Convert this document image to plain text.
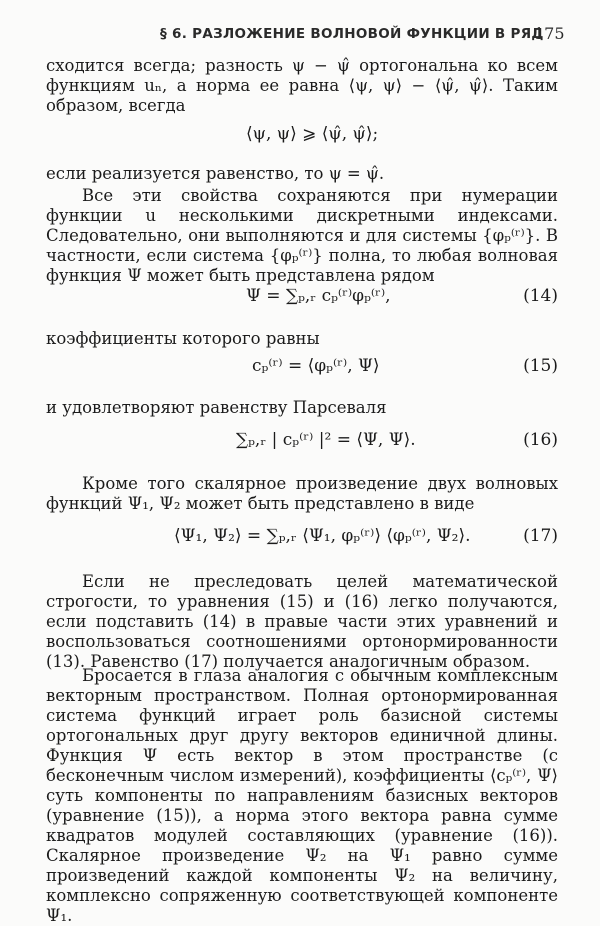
§ 6. РАЗЛОЖЕНИЕ ВОЛНОВОЙ ФУНКЦИИ В РЯД
175

сходится всегда; разность ψ − ψ̂ ортогональна ко всем функциям uₙ, а норма ее равна ⟨ψ, ψ⟩ − ⟨ψ̂, ψ̂⟩. Таким образом, всегда

⟨ψ, ψ⟩ ⩾ ⟨ψ̂, ψ̂⟩;

если реализуется равенство, то ψ = ψ̂.

Все эти свойства сохраняются при нумерации функции u несколькими дискретными индексами. Следовательно, они выполняются и для системы {φₚ⁽ʳ⁾}. В частности, если система {φₚ⁽ʳ⁾} полна, то любая волновая функция Ψ может быть представлена рядом

Ψ = ∑ₚ,ᵣ cₚ⁽ʳ⁾φₚ⁽ʳ⁾,	(14)

коэффициенты которого равны

cₚ⁽ʳ⁾ = ⟨φₚ⁽ʳ⁾, Ψ⟩	(15)

и удовлетворяют равенству Парсеваля

∑ₚ,ᵣ | cₚ⁽ʳ⁾ |² = ⟨Ψ, Ψ⟩.	(16)

Кроме того скалярное произведение двух волновых функций Ψ₁, Ψ₂ может быть представлено в виде

⟨Ψ₁, Ψ₂⟩ = ∑ₚ,ᵣ ⟨Ψ₁, φₚ⁽ʳ⁾⟩ ⟨φₚ⁽ʳ⁾, Ψ₂⟩.	(17)

Если не преследовать целей математической строгости, то уравнения (15) и (16) легко получаются, если подставить (14) в правые части этих уравнений и воспользоваться соотношениями ортонормированности (13). Равенство (17) получается аналогичным образом.

Бросается в глаза аналогия с обычным комплексным векторным пространством. Полная ортонормированная система функций играет роль базисной системы ортогональных друг другу векторов единичной длины. Функция Ψ есть вектор в этом пространстве (с бесконечным числом измерений), коэффициенты ⟨cₚ⁽ʳ⁾, Ψ⟩ суть компоненты по направлениям базисных векторов (уравнение (15)), а норма этого вектора равна сумме квадратов модулей составляющих (уравнение (16)). Скалярное произведение Ψ₂ на Ψ₁ равно сумме произведений каждой компоненты Ψ₂ на величину, комплексно сопряженную соответствующей компоненте Ψ₁.
